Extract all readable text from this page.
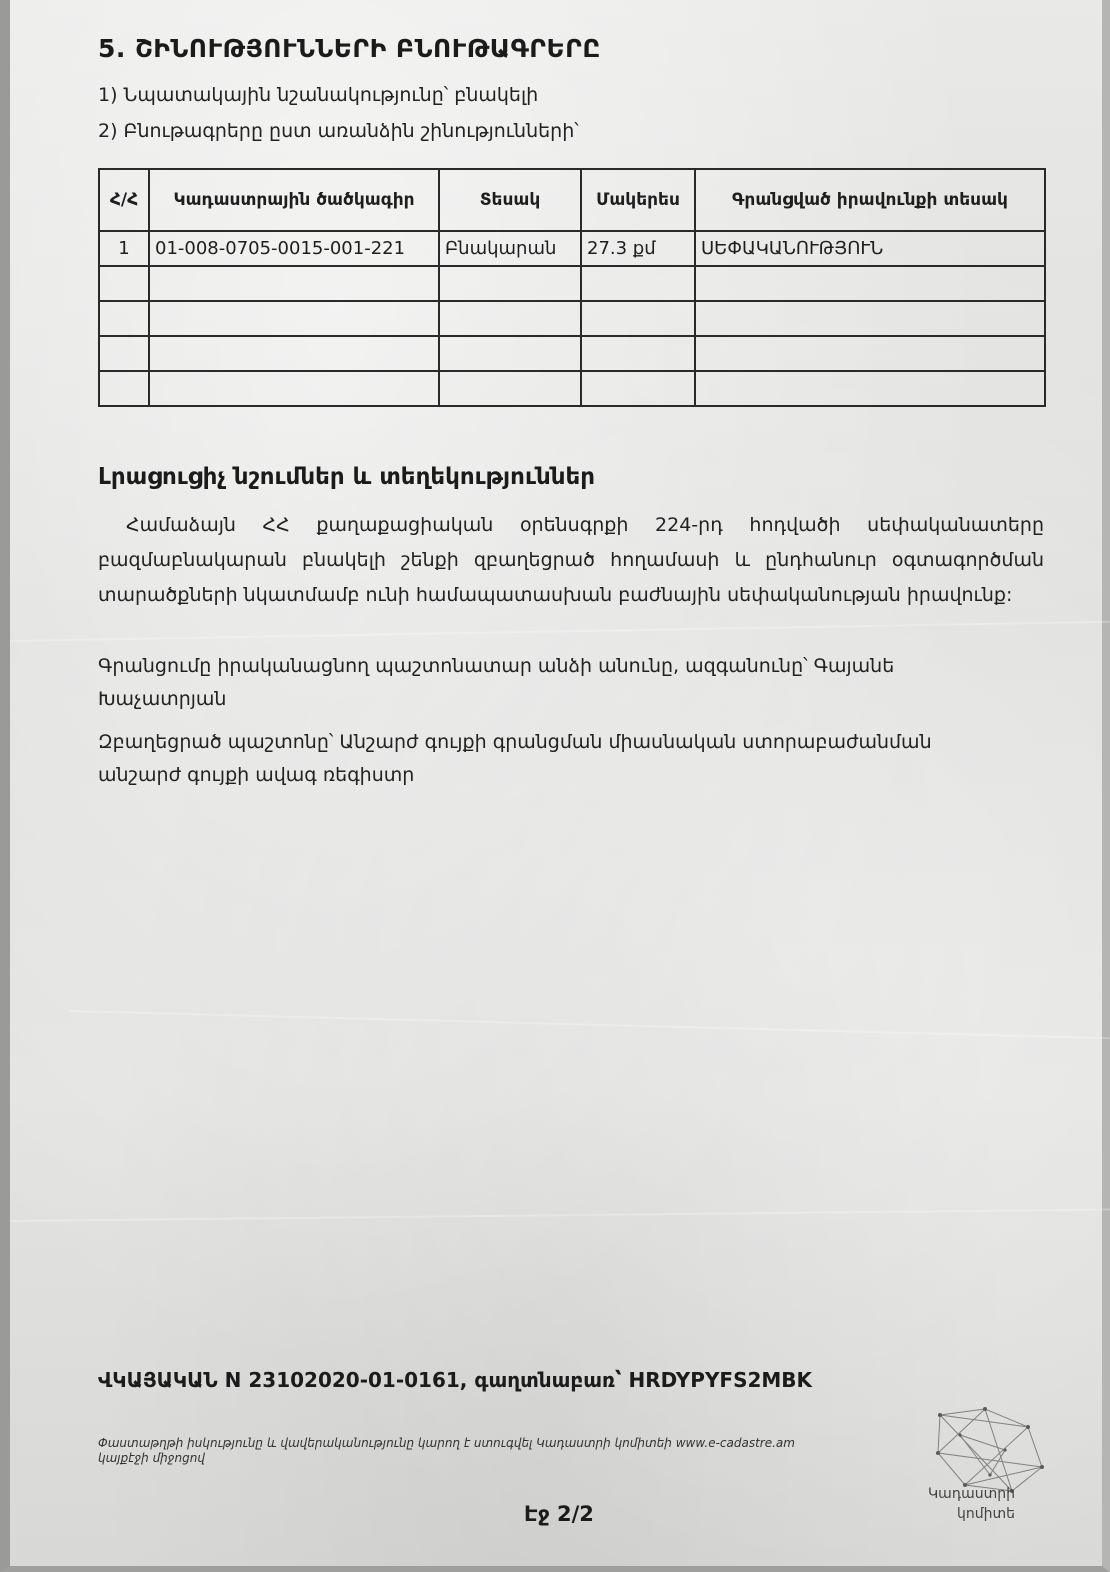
5. ՇԻՆՈՒԹՅՈՒՆՆԵՐԻ ԲՆՈՒԹԱԳՐԵՐԸ

1) Նպատակային նշանակությունը՝ բնակելի

2) Բնութագրերը ըստ առանձին շինությունների՝

Հ/Հ	Կադաստրային ծածկագիր	Տեսակ	Մակերես	Գրանցված իրավունքի տեսակ
1	01-008-0705-0015-001-221	Բնակարան	27.3 քմ	ՍԵՓԱԿԱՆՈՒԹՅՈՒՆ

Լրացուցիչ նշումներ և տեղեկություններ

Համաձայն ՀՀ քաղաքացիական օրենսգրքի 224-րդ հոդվածի սեփականատերը բազմաբնակարան բնակելի շենքի զբաղեցրած հողամասի և ընդհանուր օգտագործման տարածքների նկատմամբ ունի համապատասխան բաժնային սեփականության իրավունք:

Գրանցումը իրականացնող պաշտոնատար անձի անունը, ազգանունը՝ Գայանե Խաչատրյան

Զբաղեցրած պաշտոնը՝ Անշարժ գույքի գրանցման միասնական ստորաբաժանման անշարժ գույքի ավագ ռեգիստր

ՎԿԱՅԱԿԱՆ N 23102020-01-0161, գաղտնաբառ՝ HRDYPYFS2MBK

Փաստաթղթի իսկությունը և վավերականությունը կարող է ստուգվել Կադաստրի կոմիտեի www.e-cadastre.am կայքէջի միջոցով

Էջ 2/2

Կադաստրի կոմիտե
